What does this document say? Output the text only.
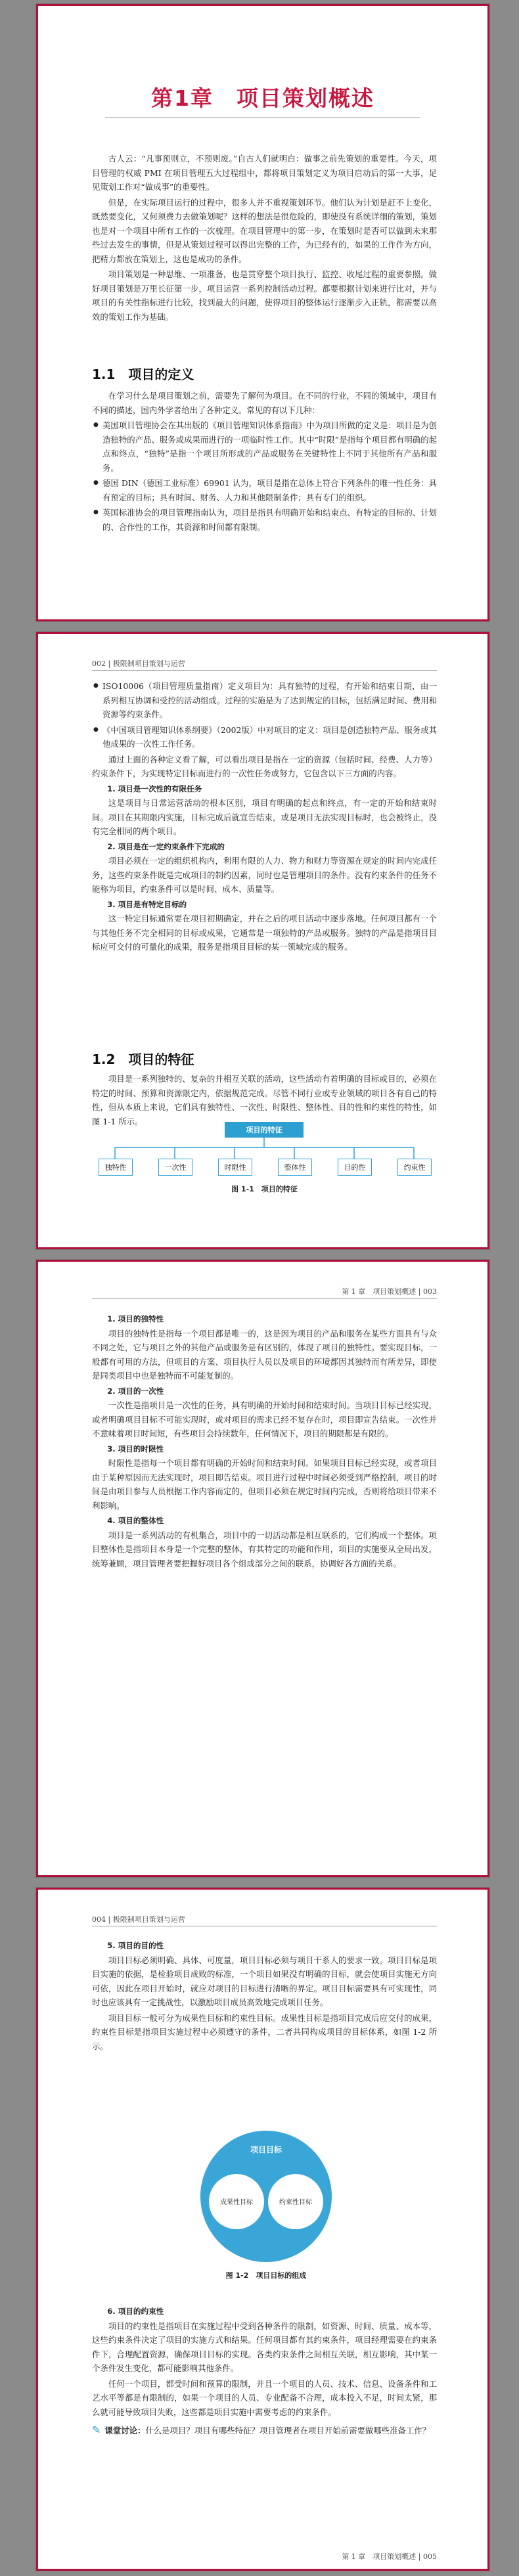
第1章　项目策划概述

古人云：“凡事预则立，不预则废。”自古人们就明白：做事之前先策划的重要性。今天，项目管理的权威 PMI 在项目管理五大过程组中，都将项目策划定义为项目启动后的第一大事，足见策划工作对“做成事”的重要性。

但是，在实际项目运行的过程中，很多人并不重视策划环节。他们认为计划是赶不上变化，既然要变化，又何须费力去做策划呢？这样的想法是很危险的，即使没有系统详细的策划，策划也是对一个项目中所有工作的一次梳理。在项目管理中的第一步，在策划时是否可以做到未来那些过去发生的事情，但是从策划过程可以得出完整的工作，为已经有的，如果的工作作为方向，把精力都放在策划上，这也是成功的条件。

项目策划是一种思维、一项准备，也是贯穿整个项目执行、监控、收尾过程的重要参照。做好项目策划是万里长征第一步，项目运营一系列控制活动过程。都要根据计划来进行比对，并与项目的有关性指标进行比较，找到最大的问题，使得项目的整体运行逐渐步入正轨，都需要以高效的策划工作为基础。

1.1　项目的定义

在学习什么是项目策划之前，需要先了解何为项目。在不同的行业，不同的领域中，项目有不同的描述，国内外学者给出了各种定义。常见的有以下几种：

● 美国项目管理协会在其出版的《项目管理知识体系指南》中为项目所做的定义是：项目是为创造独特的产品、服务或成果而进行的一项临时性工作。其中“时限”是指每个项目都有明确的起点和终点，“独特”是指一个项目所形成的产品或服务在关键特性上不同于其他所有产品和服务。
● 德国 DIN（德国工业标准）69901 认为，项目是指在总体上符合下列条件的唯一性任务：具有预定的目标；具有时间、财务、人力和其他限制条件；具有专门的组织。
● 英国标准协会的项目管理指南认为，项目是指具有明确开始和结束点、有特定的目标的、计划的、合作性的工作，其资源和时间都有限制。
002 | 极限制项目策划与运营
● ISO10006（项目管理质量指南）定义项目为：具有独特的过程，有开始和结束日期，由一系列相互协调和受控的活动组成。过程的实施是为了达到规定的目标，包括满足时间、费用和资源等约束条件。
● 《中国项目管理知识体系纲要》（2002版）中对项目的定义：项目是创造独特产品、服务或其他成果的一次性工作任务。

通过上面的各种定义看了解，可以看出项目是指在一定的资源（包括时间、经费、人力等）约束条件下，为实现特定目标而进行的一次性任务或努力，它包含以下三方面的内容。

1. 项目是一次性的有限任务

这是项目与日常运营活动的根本区别，项目有明确的起点和终点，有一定的开始和结束时间。项目在其期限内实施，目标完成后就宣告结束，或是项目无法实现目标时，也会被终止，没有完全相同的两个项目。

2. 项目是在一定约束条件下完成的

项目必须在一定的组织机构内，利用有限的人力、物力和财力等资源在规定的时间内完成任务，这些约束条件既是完成项目的制约因素，同时也是管理项目的条件。没有约束条件的任务不能称为项目，约束条件可以是时间、成本、质量等。

3. 项目是有特定目标的

这一特定目标通常要在项目初期确定，并在之后的项目活动中逐步落地。任何项目都有一个与其他任务不完全相同的目标或成果，它通常是一项独特的产品或服务。独特的产品是指项目目标应可交付的可量化的成果，服务是指项目目标的某一领域完成的服务。

1.2　项目的特征

项目是一系列独特的、复杂的并相互关联的活动，这些活动有着明确的目标或目的，必须在特定的时间、预算和资源限定内，依据规范完成。尽管不同行业或专业领域的项目各有自己的特性，但从本质上来说，它们具有独特性、一次性、时限性、整体性、目的性和约束性的特性，如图 1-1 所示。

项目的特征
独特性	一次性	时限性	整体性	目的性	约束性
图 1-1　项目的特征
第 1 章　项目策划概述 | 003
1. 项目的独特性

项目的独特性是指每一个项目都是唯一的，这是因为项目的产品和服务在某些方面具有与众不同之处，它与项目之外的其他产品或服务是有区别的，体现了项目的独特性。要实现目标，一般都有可用的方法，但项目的方案、项目执行人员以及项目的环境都因其独特而有所差异，即使是同类项目中也是独特而不可能复制的。

2. 项目的一次性

一次性是指项目是一次性的任务，具有明确的开始时间和结束时间。当项目目标已经实现，或者明确项目目标不可能实现时，或对项目的需求已经不复存在时，项目即宣告结束。一次性并不意味着项目时间短，有些项目会持续数年，任何情况下，项目的期限都是有限的。

3. 项目的时限性

时限性是指每一个项目都有明确的开始时间和结束时间。如果项目目标已经实现，或者项目由于某种原因而无法实现时，项目即告结束。项目进行过程中时间必须受到严格控制，项目的时间是由项目参与人员根据工作内容而定的，但项目必须在规定时间内完成，否则将给项目带来不利影响。

4. 项目的整体性

项目是一系列活动的有机集合，项目中的一切活动都是相互联系的，它们构成一个整体。项目整体性是指项目本身是一个完整的整体，有其特定的功能和作用，项目的实施要从全局出发，统筹兼顾，项目管理者要把握好项目各个组成部分之间的联系，协调好各方面的关系。

004 | 极限制项目策划与运营
5. 项目的目的性

项目目标必须明确、具体、可度量，项目目标必须与项目干系人的要求一致。项目目标是项目实施的依据，是检验项目成败的标准，一个项目如果没有明确的目标，就会使项目实施无方向可依，因此在项目开始时，就应对项目的目标进行清晰的界定。项目目标需要具有可实现性，同时也应该具有一定挑战性，以激励项目成员高效地完成项目任务。

项目目标一般可分为成果性目标和约束性目标。成果性目标是指项目完成后应交付的成果，约束性目标是指项目实施过程中必须遵守的条件，二者共同构成项目的目标体系，如图 1-2 所示。

项目目标
成果性目标	约束性目标
图 1-2　项目目标的组成
6. 项目的约束性

项目的约束性是指项目在实施过程中受到各种条件的限制，如资源、时间、质量、成本等，这些约束条件决定了项目的实施方式和结果。任何项目都有其约束条件，项目经理需要在约束条件下，合理配置资源，确保项目目标的实现。各类约束条件之间相互关联，相互影响，其中某一个条件发生变化，都可能影响其他条件。

任何一个项目，都受时间和预算的限制，并且一个项目的人员、技术、信息、设备条件和工艺水平等都是有限制的，如果一个项目的人员、专业配备不合理，成本投入不足，时间太紧，那么就可能导致项目失败，这些都是项目实施中需要考虑的约束条件。

✎ 课堂讨论：什么是项目？项目有哪些特征？项目管理者在项目开始前需要做哪些准备工作？
第 1 章　项目策划概述 | 005
